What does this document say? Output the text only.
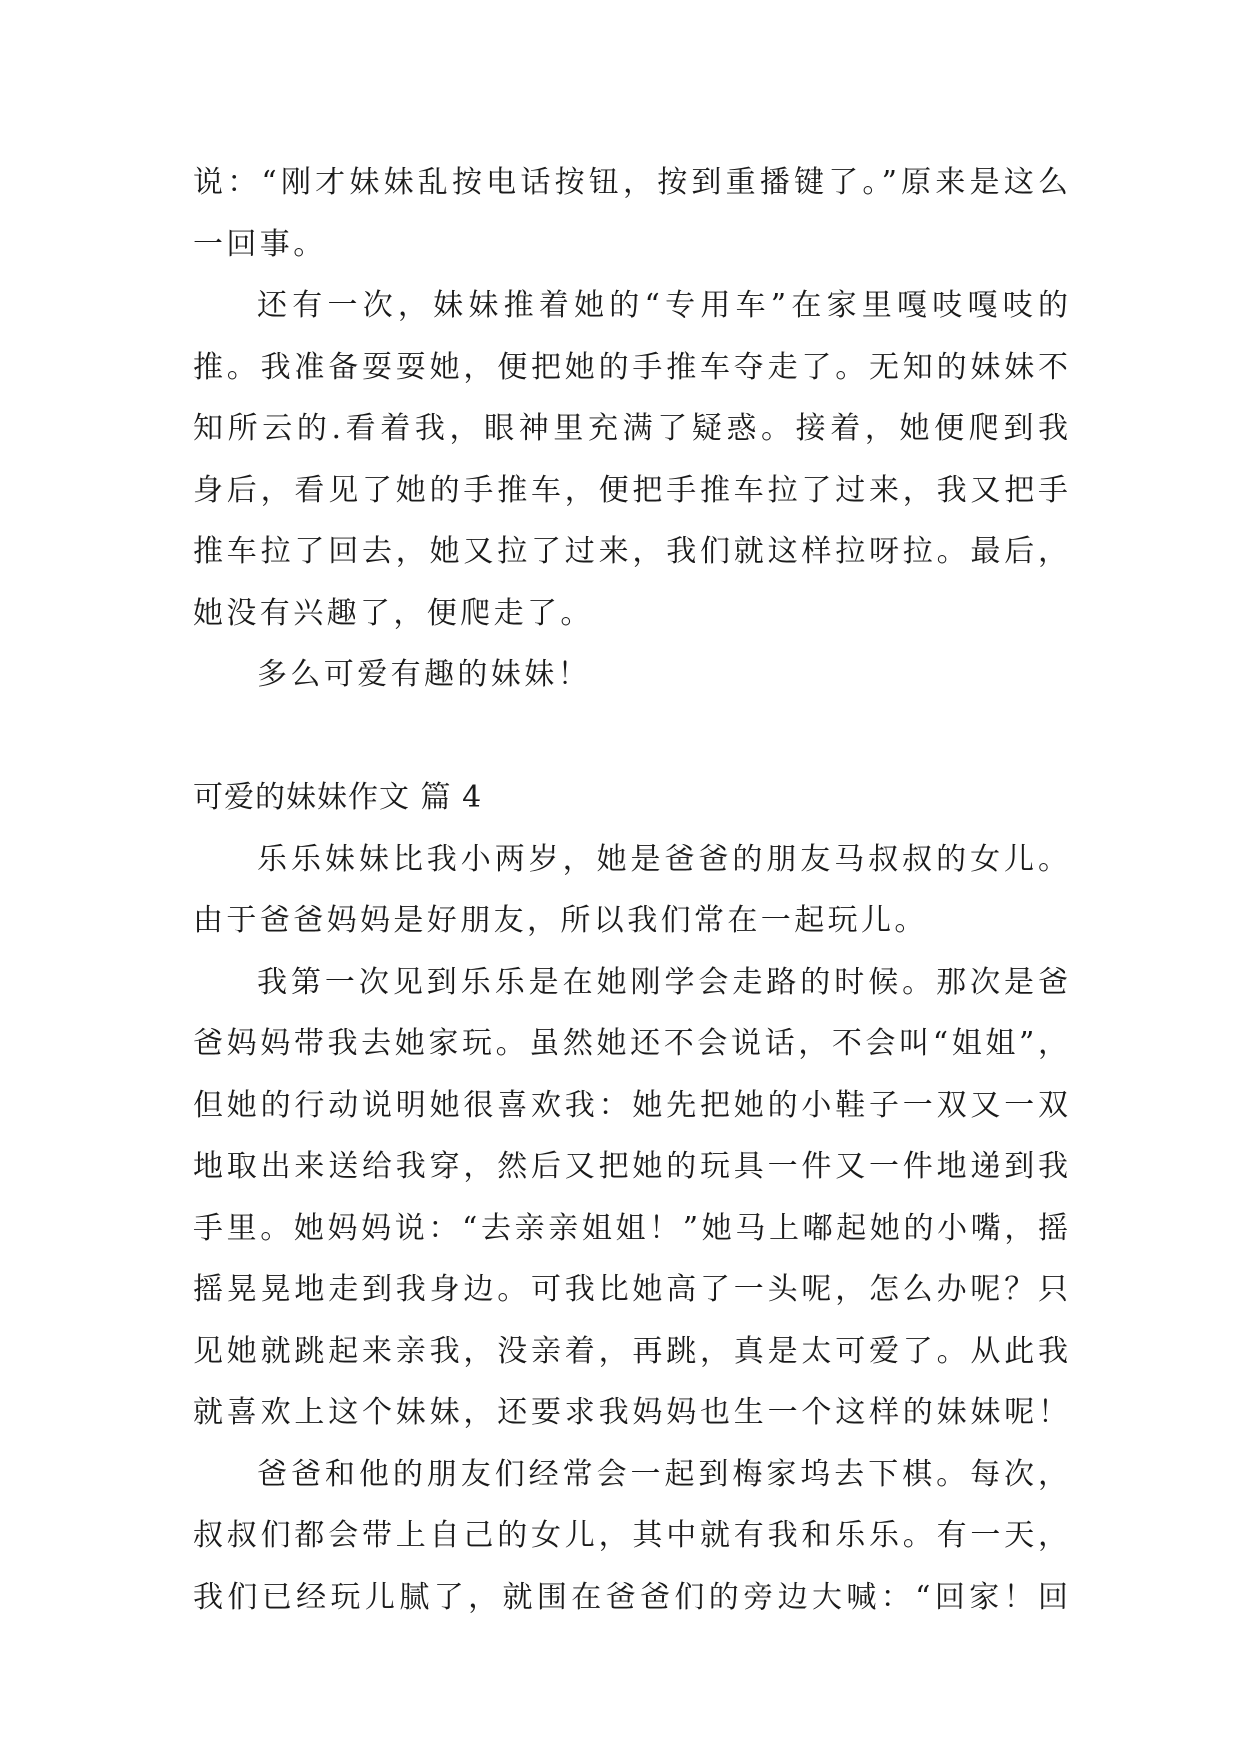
说：“刚才妹妹乱按电话按钮，按到重播键了。”原来是这么
一回事。
还有一次，妹妹推着她的“专用车”在家里嘎吱嘎吱的
推。我准备耍耍她，便把她的手推车夺走了。无知的妹妹不
知所云的.看着我，眼神里充满了疑惑。接着，她便爬到我
身后，看见了她的手推车，便把手推车拉了过来，我又把手
推车拉了回去，她又拉了过来，我们就这样拉呀拉。最后，
她没有兴趣了，便爬走了。
多么可爱有趣的妹妹！
可爱的妹妹作文 篇 4
乐乐妹妹比我小两岁，她是爸爸的朋友马叔叔的女儿。
由于爸爸妈妈是好朋友，所以我们常在一起玩儿。
我第一次见到乐乐是在她刚学会走路的时候。那次是爸
爸妈妈带我去她家玩。虽然她还不会说话，不会叫“姐姐”，
但她的行动说明她很喜欢我：她先把她的小鞋子一双又一双
地取出来送给我穿，然后又把她的玩具一件又一件地递到我
手里。她妈妈说：“去亲亲姐姐！”她马上嘟起她的小嘴，摇
摇晃晃地走到我身边。可我比她高了一头呢，怎么办呢？只
见她就跳起来亲我，没亲着，再跳，真是太可爱了。从此我
就喜欢上这个妹妹，还要求我妈妈也生一个这样的妹妹呢！
爸爸和他的朋友们经常会一起到梅家坞去下棋。每次，
叔叔们都会带上自己的女儿，其中就有我和乐乐。有一天，
我们已经玩儿腻了，就围在爸爸们的旁边大喊：“回家！回
